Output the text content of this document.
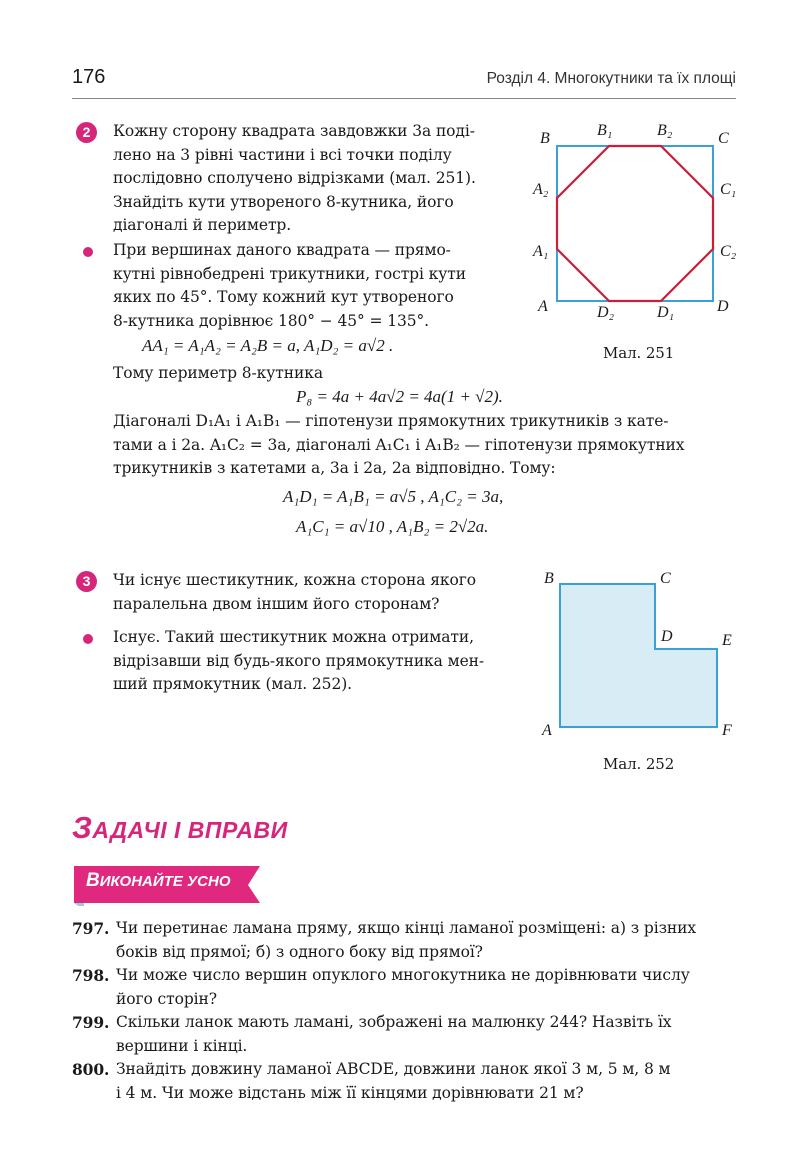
176	Розділ 4. Многокутники та їх площі
2	Кожну сторону квадрата завдовжки 3a поді-

лено на 3 рівні частини і всі точки поділу

послідовно сполучено відрізками (мал. 251).

Знайдіть кути утвореного 8-кутника, його

діагоналі й периметр.

При вершинах даного квадрата — прямо-

кутні рівнобедрені трикутники, гострі кути

яких по 45°. Тому кожний кут утвореного

8-кутника дорівнює 180° − 45° = 135°.

AA₁ = A₁A₂ = A₂B = a, A₁D₂ = a√2 .
Тому периметр 8-кутника
P₈ = 4a + 4a√2 = 4a(1 + √2).

Діагоналі D₁A₁ і A₁B₁ — гіпотенузи прямокутних трикутників з кате-

тами a і 2a. A₁C₂ = 3a, діагоналі A₁C₁ і A₁B₂ — гіпотенузи прямокутних

трикутників з катетами a, 3a і 2a, 2a відповідно. Тому:

A₁D₁ = A₁B₁ = a√5 , A₁C₂ = 3a,
A₁C₁ = a√10 , A₁B₂ = 2√2a.
B	B₁	B₂	C
A₂	C₁
A₁	C₂
A	D₂	D₁	D
Мал. 251
3	Чи існує шестикутник, кожна сторона якого

паралельна двом іншим його сторонам?

Існує. Такий шестикутник можна отримати,

відрізавши від будь-якого прямокутника мен-

ший прямокутник (мал. 252).

B	C
D	E
A	F
Мал. 252
ЗАДАЧІ І ВПРАВИ
ВИКОНАЙТЕ УСНО
797. Чи перетинає ламана пряму, якщо кінці ламаної розміщені: а) з різних

боків від прямої; б) з одного боку від прямої?

798. Чи може число вершин опуклого многокутника не дорівнювати числу

його сторін?

799. Скільки ланок мають ламані, зображені на малюнку 244? Назвіть їх

вершини і кінці.

800. Знайдіть довжину ламаної ABCDE, довжини ланок якої 3 м, 5 м, 8 м

і 4 м. Чи може відстань між її кінцями дорівнювати 21 м?
